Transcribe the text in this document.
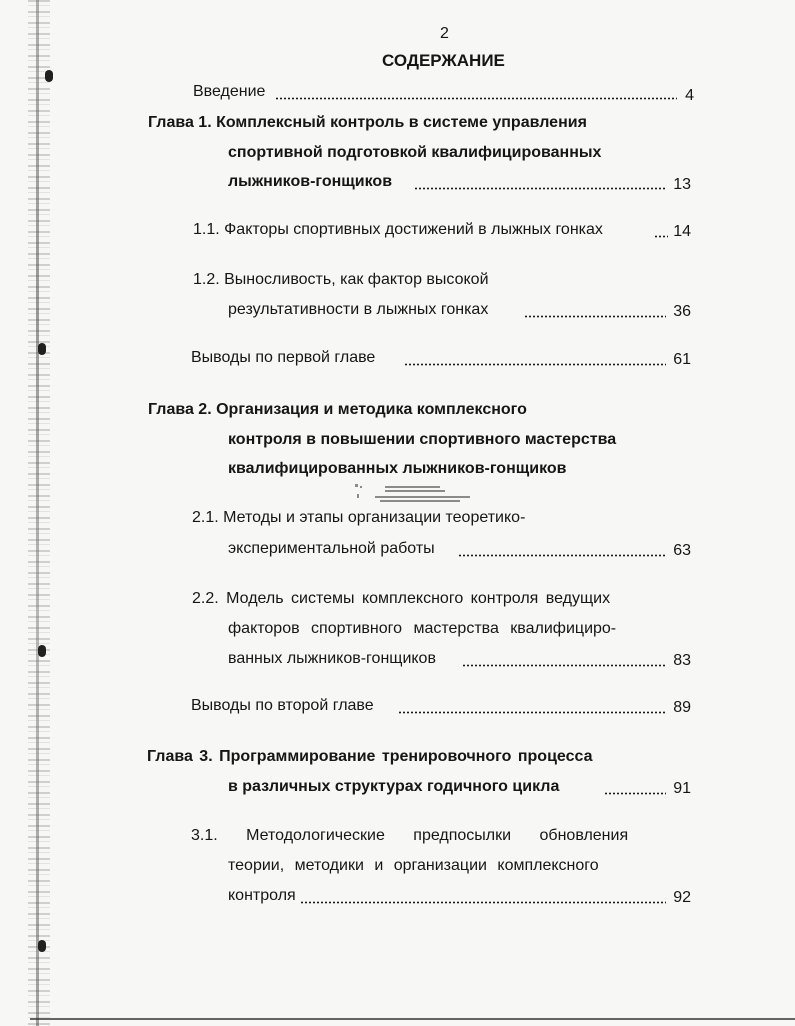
2
СОДЕРЖАНИЕ
Введение	4
Глава 1. Комплексный контроль в системе управления
спортивной подготовкой квалифицированных
лыжников-гонщиков	13
1.1. Факторы спортивных достижений в лыжных гонках	14
1.2. Выносливость, как фактор высокой
результативности в лыжных гонках	36
Выводы по первой главе	61
Глава 2. Организация и методика комплексного
контроля в повышении спортивного мастерства
квалифицированных лыжников-гонщиков
2.1. Методы и этапы организации теоретико-
экспериментальной работы	63
2.2. Модель системы комплексного контроля ведущих
факторов спортивного мастерства квалифициро-
ванных лыжников-гонщиков	83
Выводы по второй главе	89
Глава 3. Программирование тренировочного процесса
в различных структурах годичного цикла	91
3.1. Методологические предпосылки обновления
теории, методики и организации комплексного
контроля	92
